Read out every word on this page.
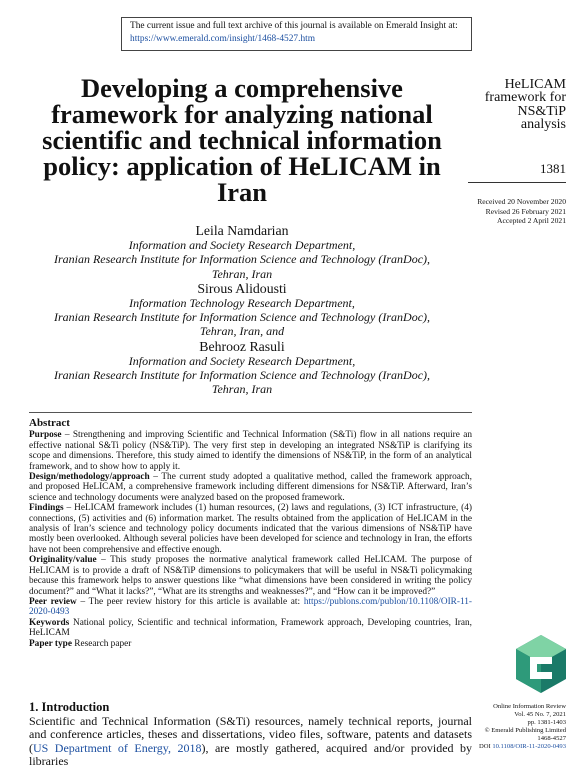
The current issue and full text archive of this journal is available on Emerald Insight at:
https://www.emerald.com/insight/1468-4527.htm
Developing a comprehensive framework for analyzing national scientific and technical information policy: application of HeLICAM in Iran
Leila Namdarian
Information and Society Research Department,
Iranian Research Institute for Information Science and Technology (IranDoc),
Tehran, Iran
Sirous Alidousti
Information Technology Research Department,
Iranian Research Institute for Information Science and Technology (IranDoc),
Tehran, Iran, and
Behrooz Rasuli
Information and Society Research Department,
Iranian Research Institute for Information Science and Technology (IranDoc),
Tehran, Iran
HeLICAM
framework for
NS&TiP
analysis
1381
Received 20 November 2020
Revised 26 February 2021
Accepted 2 April 2021
Abstract

Purpose – Strengthening and improving Scientific and Technical Information (S&Ti) flow in all nations require an effective national S&Ti policy (NS&TiP). The very first step in developing an integrated NS&TiP is clarifying its scope and dimensions. Therefore, this study aimed to identify the dimensions of NS&TiP, in the form of an analytical framework, and to show how to apply it.

Design/methodology/approach – The current study adopted a qualitative method, called the framework approach, and proposed HeLICAM, a comprehensive framework including different dimensions for NS&TiP. Afterward, Iran’s science and technology documents were analyzed based on the proposed framework.

Findings – HeLICAM framework includes (1) human resources, (2) laws and regulations, (3) ICT infrastructure, (4) connections, (5) activities and (6) information market. The results obtained from the application of HeLICAM in the analysis of Iran’s science and technology policy documents indicated that the various dimensions of NS&TiP have mostly been overlooked. Although several policies have been developed for science and technology in Iran, the efforts have not been comprehensive and effective enough.

Originality/value – This study proposes the normative analytical framework called HeLICAM. The purpose of HeLICAM is to provide a draft of NS&TiP dimensions to policymakers that will be useful in NS&Ti policymaking because this framework helps to answer questions like “what dimensions have been considered in writing the policy document?” and “What it lacks?”, “What are its strengths and weaknesses?”, and “How can it be improved?”

Peer review – The peer review history for this article is available at: https://publons.com/publon/10.1108/OIR-11-2020-0493

Keywords National policy, Scientific and technical information, Framework approach, Developing countries, Iran, HeLICAM

Paper type Research paper

1. Introduction

Scientific and Technical Information (S&Ti) resources, namely technical reports, journal and conference articles, theses and dissertations, video files, software, patents and datasets (US Department of Energy, 2018), are mostly gathered, acquired and/or provided by libraries

Online Information Review
Vol. 45 No. 7, 2021
pp. 1381-1403
© Emerald Publishing Limited
1468-4527
DOI 10.1108/OIR-11-2020-0493
